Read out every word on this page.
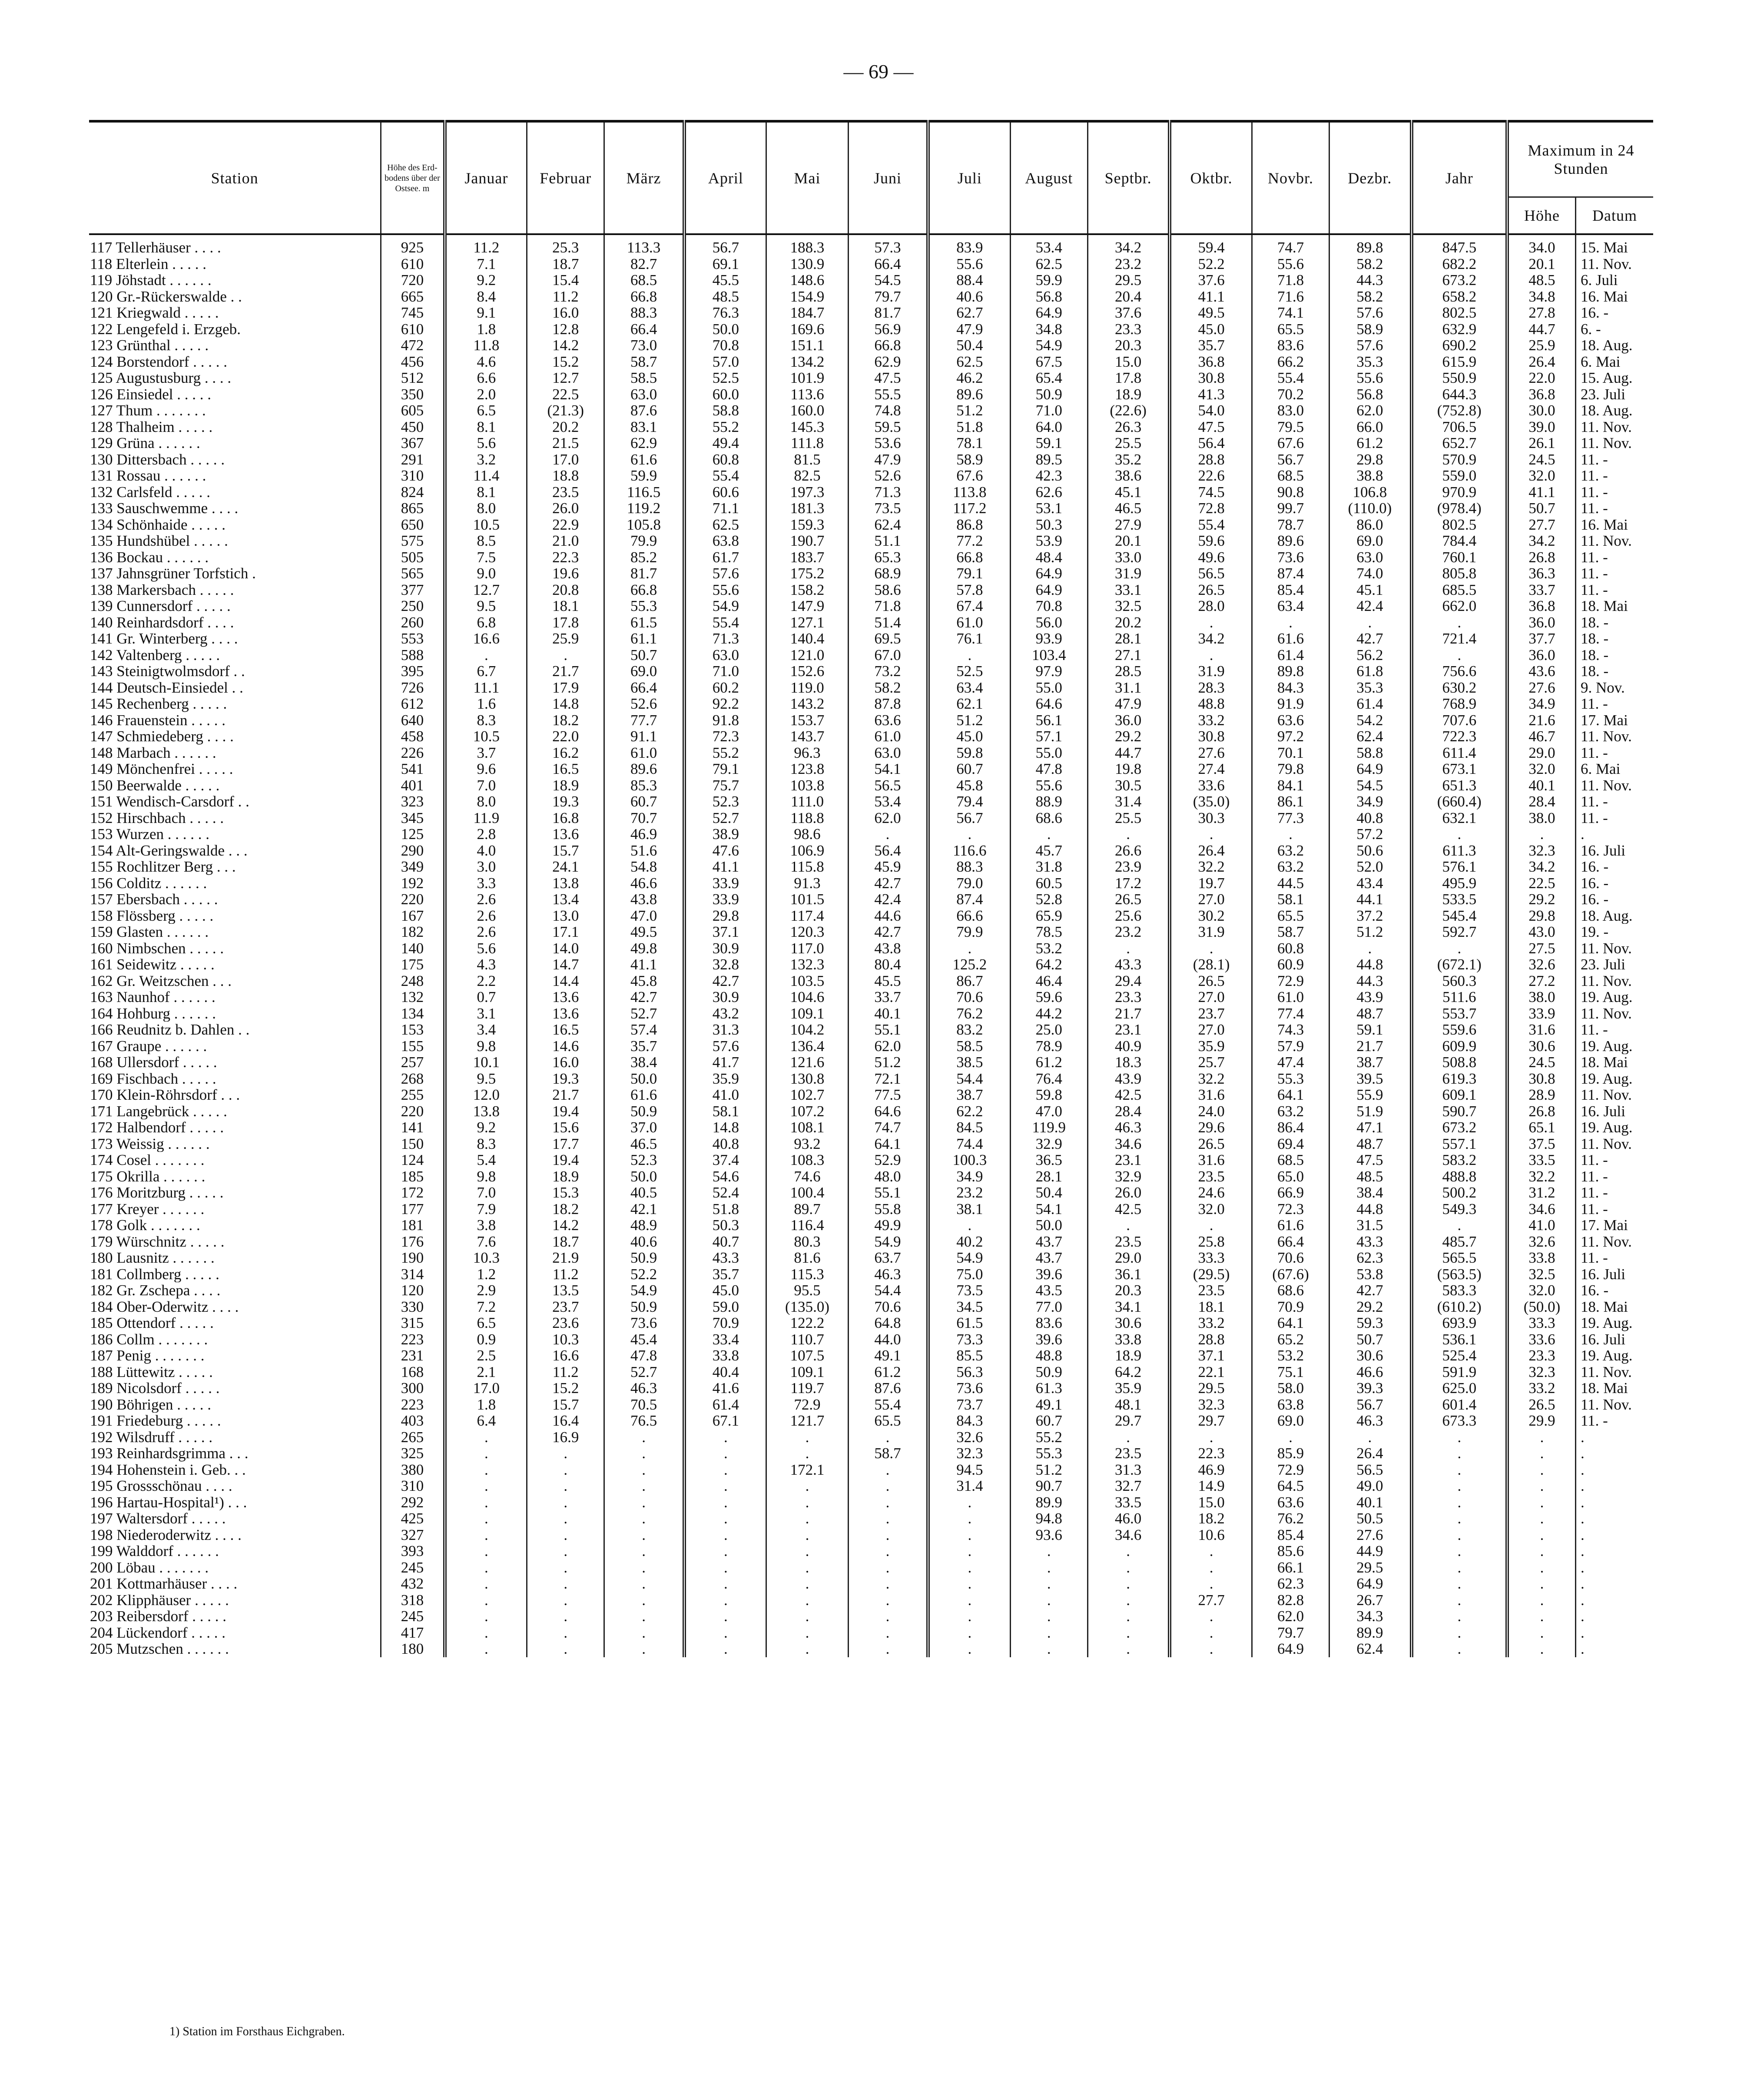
— 69 —
Station	Höhe des Erd-bodens über der Ostsee. m	Januar	Februar	März	April	Mai	Juni	Juli	August	Septbr.	Oktbr.	Novbr.	Dezbr.	Jahr	Maximum in 24 Stunden	
															Höhe	Datum
117 Tellerhäuser . . . .	925	11.2	25.3	113.3	56.7	188.3	57.3	83.9	53.4	34.2	59.4	74.7	89.8	847.5	34.0	15. Mai
118 Elterlein . . . . .	610	7.1	18.7	82.7	69.1	130.9	66.4	55.6	62.5	23.2	52.2	55.6	58.2	682.2	20.1	11. Nov.
119 Jöhstadt . . . . . .	720	9.2	15.4	68.5	45.5	148.6	54.5	88.4	59.9	29.5	37.6	71.8	44.3	673.2	48.5	6. Juli
120 Gr.-Rückerswalde . .	665	8.4	11.2	66.8	48.5	154.9	79.7	40.6	56.8	20.4	41.1	71.6	58.2	658.2	34.8	16. Mai
121 Kriegwald . . . . .	745	9.1	16.0	88.3	76.3	184.7	81.7	62.7	64.9	37.6	49.5	74.1	57.6	802.5	27.8	16. -
122 Lengefeld i. Erzgeb.	610	1.8	12.8	66.4	50.0	169.6	56.9	47.9	34.8	23.3	45.0	65.5	58.9	632.9	44.7	6. -
123 Grünthal . . . . .	472	11.8	14.2	73.0	70.8	151.1	66.8	50.4	54.9	20.3	35.7	83.6	57.6	690.2	25.9	18. Aug.
124 Borstendorf . . . . .	456	4.6	15.2	58.7	57.0	134.2	62.9	62.5	67.5	15.0	36.8	66.2	35.3	615.9	26.4	6. Mai
125 Augustusburg . . . .	512	6.6	12.7	58.5	52.5	101.9	47.5	46.2	65.4	17.8	30.8	55.4	55.6	550.9	22.0	15. Aug.
126 Einsiedel . . . . .	350	2.0	22.5	63.0	60.0	113.6	55.5	89.6	50.9	18.9	41.3	70.2	56.8	644.3	36.8	23. Juli
127 Thum . . . . . . .	605	6.5	(21.3)	87.6	58.8	160.0	74.8	51.2	71.0	(22.6)	54.0	83.0	62.0	(752.8)	30.0	18. Aug.
128 Thalheim . . . . .	450	8.1	20.2	83.1	55.2	145.3	59.5	51.8	64.0	26.3	47.5	79.5	66.0	706.5	39.0	11. Nov.
129 Grüna . . . . . .	367	5.6	21.5	62.9	49.4	111.8	53.6	78.1	59.1	25.5	56.4	67.6	61.2	652.7	26.1	11. Nov.
130 Dittersbach . . . . .	291	3.2	17.0	61.6	60.8	81.5	47.9	58.9	89.5	35.2	28.8	56.7	29.8	570.9	24.5	11. -
131 Rossau . . . . . .	310	11.4	18.8	59.9	55.4	82.5	52.6	67.6	42.3	38.6	22.6	68.5	38.8	559.0	32.0	11. -
132 Carlsfeld . . . . .	824	8.1	23.5	116.5	60.6	197.3	71.3	113.8	62.6	45.1	74.5	90.8	106.8	970.9	41.1	11. -
133 Sauschwemme . . . .	865	8.0	26.0	119.2	71.1	181.3	73.5	117.2	53.1	46.5	72.8	99.7	(110.0)	(978.4)	50.7	11. -
134 Schönhaide . . . . .	650	10.5	22.9	105.8	62.5	159.3	62.4	86.8	50.3	27.9	55.4	78.7	86.0	802.5	27.7	16. Mai
135 Hundshübel . . . . .	575	8.5	21.0	79.9	63.8	190.7	51.1	77.2	53.9	20.1	59.6	89.6	69.0	784.4	34.2	11. Nov.
136 Bockau . . . . . .	505	7.5	22.3	85.2	61.7	183.7	65.3	66.8	48.4	33.0	49.6	73.6	63.0	760.1	26.8	11. -
137 Jahnsgrüner Torfstich .	565	9.0	19.6	81.7	57.6	175.2	68.9	79.1	64.9	31.9	56.5	87.4	74.0	805.8	36.3	11. -
138 Markersbach . . . . .	377	12.7	20.8	66.8	55.6	158.2	58.6	57.8	64.9	33.1	26.5	85.4	45.1	685.5	33.7	11. -
139 Cunnersdorf . . . . .	250	9.5	18.1	55.3	54.9	147.9	71.8	67.4	70.8	32.5	28.0	63.4	42.4	662.0	36.8	18. Mai
140 Reinhardsdorf . . . .	260	6.8	17.8	61.5	55.4	127.1	51.4	61.0	56.0	20.2	.	.	.	.	36.0	18. -
141 Gr. Winterberg . . . .	553	16.6	25.9	61.1	71.3	140.4	69.5	76.1	93.9	28.1	34.2	61.6	42.7	721.4	37.7	18. -
142 Valtenberg . . . . .	588	.	.	50.7	63.0	121.0	67.0	.	103.4	27.1	.	61.4	56.2	.	36.0	18. -
143 Steinigtwolmsdorf . .	395	6.7	21.7	69.0	71.0	152.6	73.2	52.5	97.9	28.5	31.9	89.8	61.8	756.6	43.6	18. -
144 Deutsch-Einsiedel . .	726	11.1	17.9	66.4	60.2	119.0	58.2	63.4	55.0	31.1	28.3	84.3	35.3	630.2	27.6	9. Nov.
145 Rechenberg . . . . .	612	1.6	14.8	52.6	92.2	143.2	87.8	62.1	64.6	47.9	48.8	91.9	61.4	768.9	34.9	11. -
146 Frauenstein . . . . .	640	8.3	18.2	77.7	91.8	153.7	63.6	51.2	56.1	36.0	33.2	63.6	54.2	707.6	21.6	17. Mai
147 Schmiedeberg . . . .	458	10.5	22.0	91.1	72.3	143.7	61.0	45.0	57.1	29.2	30.8	97.2	62.4	722.3	46.7	11. Nov.
148 Marbach . . . . . .	226	3.7	16.2	61.0	55.2	96.3	63.0	59.8	55.0	44.7	27.6	70.1	58.8	611.4	29.0	11. -
149 Mönchenfrei . . . . .	541	9.6	16.5	89.6	79.1	123.8	54.1	60.7	47.8	19.8	27.4	79.8	64.9	673.1	32.0	6. Mai
150 Beerwalde . . . . .	401	7.0	18.9	85.3	75.7	103.8	56.5	45.8	55.6	30.5	33.6	84.1	54.5	651.3	40.1	11. Nov.
151 Wendisch-Carsdorf . .	323	8.0	19.3	60.7	52.3	111.0	53.4	79.4	88.9	31.4	(35.0)	86.1	34.9	(660.4)	28.4	11. -
152 Hirschbach . . . . .	345	11.9	16.8	70.7	52.7	118.8	62.0	56.7	68.6	25.5	30.3	77.3	40.8	632.1	38.0	11. -
153 Wurzen . . . . . .	125	2.8	13.6	46.9	38.9	98.6	.	.	.	.	.	.	57.2	.	.	.
154 Alt-Geringswalde . . .	290	4.0	15.7	51.6	47.6	106.9	56.4	116.6	45.7	26.6	26.4	63.2	50.6	611.3	32.3	16. Juli
155 Rochlitzer Berg . . .	349	3.0	24.1	54.8	41.1	115.8	45.9	88.3	31.8	23.9	32.2	63.2	52.0	576.1	34.2	16. -
156 Colditz . . . . . .	192	3.3	13.8	46.6	33.9	91.3	42.7	79.0	60.5	17.2	19.7	44.5	43.4	495.9	22.5	16. -
157 Ebersbach . . . . .	220	2.6	13.4	43.8	33.9	101.5	42.4	87.4	52.8	26.5	27.0	58.1	44.1	533.5	29.2	16. -
158 Flössberg . . . . .	167	2.6	13.0	47.0	29.8	117.4	44.6	66.6	65.9	25.6	30.2	65.5	37.2	545.4	29.8	18. Aug.
159 Glasten . . . . . .	182	2.6	17.1	49.5	37.1	120.3	42.7	79.9	78.5	23.2	31.9	58.7	51.2	592.7	43.0	19. -
160 Nimbschen . . . . .	140	5.6	14.0	49.8	30.9	117.0	43.8	.	53.2	.	.	60.8	.	.	27.5	11. Nov.
161 Seidewitz . . . . .	175	4.3	14.7	41.1	32.8	132.3	80.4	125.2	64.2	43.3	(28.1)	60.9	44.8	(672.1)	32.6	23. Juli
162 Gr. Weitzschen . . .	248	2.2	14.4	45.8	42.7	103.5	45.5	86.7	46.4	29.4	26.5	72.9	44.3	560.3	27.2	11. Nov.
163 Naunhof . . . . . .	132	0.7	13.6	42.7	30.9	104.6	33.7	70.6	59.6	23.3	27.0	61.0	43.9	511.6	38.0	19. Aug.
164 Hohburg . . . . . .	134	3.1	13.6	52.7	43.2	109.1	40.1	76.2	44.2	21.7	23.7	77.4	48.7	553.7	33.9	11. Nov.
166 Reudnitz b. Dahlen . .	153	3.4	16.5	57.4	31.3	104.2	55.1	83.2	25.0	23.1	27.0	74.3	59.1	559.6	31.6	11. -
167 Graupe . . . . . .	155	9.8	14.6	35.7	57.6	136.4	62.0	58.5	78.9	40.9	35.9	57.9	21.7	609.9	30.6	19. Aug.
168 Ullersdorf . . . . .	257	10.1	16.0	38.4	41.7	121.6	51.2	38.5	61.2	18.3	25.7	47.4	38.7	508.8	24.5	18. Mai
169 Fischbach . . . . .	268	9.5	19.3	50.0	35.9	130.8	72.1	54.4	76.4	43.9	32.2	55.3	39.5	619.3	30.8	19. Aug.
170 Klein-Röhrsdorf . . .	255	12.0	21.7	61.6	41.0	102.7	77.5	38.7	59.8	42.5	31.6	64.1	55.9	609.1	28.9	11. Nov.
171 Langebrück . . . . .	220	13.8	19.4	50.9	58.1	107.2	64.6	62.2	47.0	28.4	24.0	63.2	51.9	590.7	26.8	16. Juli
172 Halbendorf . . . . .	141	9.2	15.6	37.0	14.8	108.1	74.7	84.5	119.9	46.3	29.6	86.4	47.1	673.2	65.1	19. Aug.
173 Weissig . . . . . .	150	8.3	17.7	46.5	40.8	93.2	64.1	74.4	32.9	34.6	26.5	69.4	48.7	557.1	37.5	11. Nov.
174 Cosel . . . . . . .	124	5.4	19.4	52.3	37.4	108.3	52.9	100.3	36.5	23.1	31.6	68.5	47.5	583.2	33.5	11. -
175 Okrilla . . . . . .	185	9.8	18.9	50.0	54.6	74.6	48.0	34.9	28.1	32.9	23.5	65.0	48.5	488.8	32.2	11. -
176 Moritzburg . . . . .	172	7.0	15.3	40.5	52.4	100.4	55.1	23.2	50.4	26.0	24.6	66.9	38.4	500.2	31.2	11. -
177 Kreyer . . . . . .	177	7.9	18.2	42.1	51.8	89.7	55.8	38.1	54.1	42.5	32.0	72.3	44.8	549.3	34.6	11. -
178 Golk . . . . . . .	181	3.8	14.2	48.9	50.3	116.4	49.9	.	50.0	.	.	61.6	31.5	.	41.0	17. Mai
179 Würschnitz . . . . .	176	7.6	18.7	40.6	40.7	80.3	54.9	40.2	43.7	23.5	25.8	66.4	43.3	485.7	32.6	11. Nov.
180 Lausnitz . . . . . .	190	10.3	21.9	50.9	43.3	81.6	63.7	54.9	43.7	29.0	33.3	70.6	62.3	565.5	33.8	11. -
181 Collmberg . . . . .	314	1.2	11.2	52.2	35.7	115.3	46.3	75.0	39.6	36.1	(29.5)	(67.6)	53.8	(563.5)	32.5	16. Juli
182 Gr. Zschepa . . . .	120	2.9	13.5	54.9	45.0	95.5	54.4	73.5	43.5	20.3	23.5	68.6	42.7	583.3	32.0	16. -
184 Ober-Oderwitz . . . .	330	7.2	23.7	50.9	59.0	(135.0)	70.6	34.5	77.0	34.1	18.1	70.9	29.2	(610.2)	(50.0)	18. Mai
185 Ottendorf . . . . .	315	6.5	23.6	73.6	70.9	122.2	64.8	61.5	83.6	30.6	33.2	64.1	59.3	693.9	33.3	19. Aug.
186 Collm . . . . . . .	223	0.9	10.3	45.4	33.4	110.7	44.0	73.3	39.6	33.8	28.8	65.2	50.7	536.1	33.6	16. Juli
187 Penig . . . . . . .	231	2.5	16.6	47.8	33.8	107.5	49.1	85.5	48.8	18.9	37.1	53.2	30.6	525.4	23.3	19. Aug.
188 Lüttewitz . . . . .	168	2.1	11.2	52.7	40.4	109.1	61.2	56.3	50.9	64.2	22.1	75.1	46.6	591.9	32.3	11. Nov.
189 Nicolsdorf . . . . .	300	17.0	15.2	46.3	41.6	119.7	87.6	73.6	61.3	35.9	29.5	58.0	39.3	625.0	33.2	18. Mai
190 Böhrigen . . . . .	223	1.8	15.7	70.5	61.4	72.9	55.4	73.7	49.1	48.1	32.3	63.8	56.7	601.4	26.5	11. Nov.
191 Friedeburg . . . . .	403	6.4	16.4	76.5	67.1	121.7	65.5	84.3	60.7	29.7	29.7	69.0	46.3	673.3	29.9	11. -
192 Wilsdruff . . . . .	265	.	16.9	.	.	.	.	32.6	55.2	.	.	.	.	.	.	.
193 Reinhardsgrimma . . .	325	.	.	.	.	.	58.7	32.3	55.3	23.5	22.3	85.9	26.4	.	.	.
194 Hohenstein i. Geb. . .	380	.	.	.	.	172.1	.	94.5	51.2	31.3	46.9	72.9	56.5	.	.	.
195 Grossschönau . . . .	310	.	.	.	.	.	.	31.4	90.7	32.7	14.9	64.5	49.0	.	.	.
196 Hartau-Hospital¹) . . .	292	.	.	.	.	.	.	.	89.9	33.5	15.0	63.6	40.1	.	.	.
197 Waltersdorf . . . . .	425	.	.	.	.	.	.	.	94.8	46.0	18.2	76.2	50.5	.	.	.
198 Niederoderwitz . . . .	327	.	.	.	.	.	.	.	93.6	34.6	10.6	85.4	27.6	.	.	.
199 Walddorf . . . . . .	393	.	.	.	.	.	.	.	.	.	.	85.6	44.9	.	.	.
200 Löbau . . . . . . .	245	.	.	.	.	.	.	.	.	.	.	66.1	29.5	.	.	.
201 Kottmarhäuser . . . .	432	.	.	.	.	.	.	.	.	.	.	62.3	64.9	.	.	.
202 Klipphäuser . . . . .	318	.	.	.	.	.	.	.	.	.	27.7	82.8	26.7	.	.	.
203 Reibersdorf . . . . .	245	.	.	.	.	.	.	.	.	.	.	62.0	34.3	.	.	.
204 Lückendorf . . . . .	417	.	.	.	.	.	.	.	.	.	.	79.7	89.9	.	.	.
205 Mutzschen . . . . . .	180	.	.	.	.	.	.	.	.	.	.	64.9	62.4	.	.	.
1) Station im Forsthaus Eichgraben.
